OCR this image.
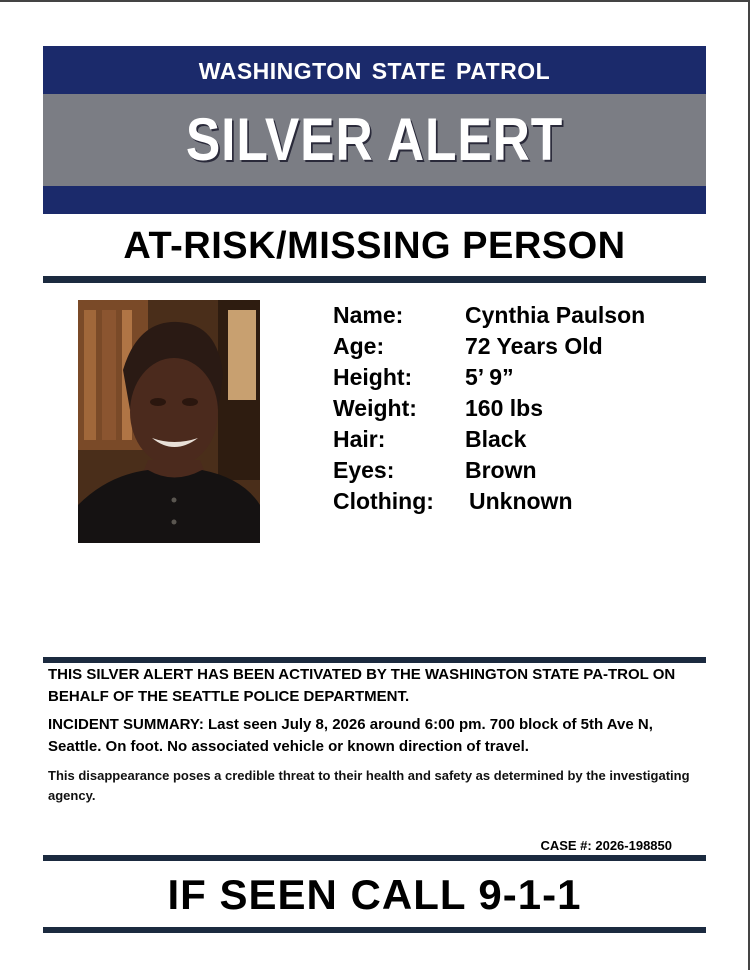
WASHINGTON STATE PATROL
SILVER ALERT
AT-RISK/MISSING PERSON
Name:	Cynthia Paulson
Age:	72 Years Old
Height: 5’ 9”
Weight: 160 lbs
Hair:	Black
Eyes:	Brown
Clothing: Unknown
THIS SILVER ALERT HAS BEEN ACTIVATED BY THE WASHINGTON STATE PA-TROL ON BEHALF OF THE SEATTLE POLICE DEPARTMENT.
INCIDENT SUMMARY: Last seen July 8, 2026 around 6:00 pm. 700 block of 5th Ave N, Seattle. On foot. No associated vehicle or known direction of travel.
This disappearance poses a credible threat to their health and safety as determined by the investigating agency.
CASE #: 2026-198850
IF SEEN CALL 9-1-1
